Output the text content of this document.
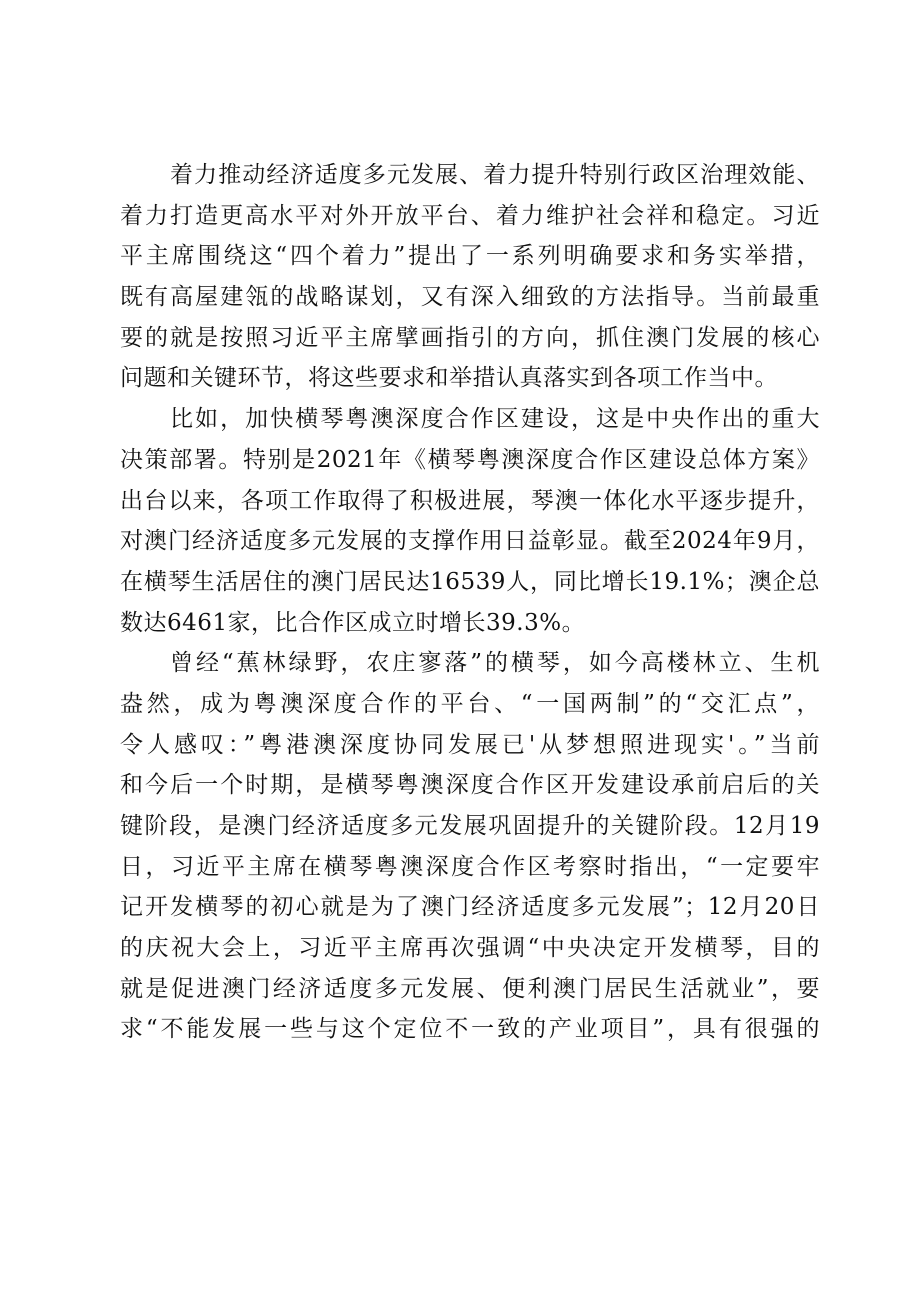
着力推动经济适度多元发展、着力提升特别行政区治理效能、
着力打造更高水平对外开放平台、着力维护社会祥和稳定。习近
平主席围绕这“四个着力”提出了一系列明确要求和务实举措，
既有高屋建瓴的战略谋划，又有深入细致的方法指导。当前最重
要的就是按照习近平主席擘画指引的方向，抓住澳门发展的核心
问题和关键环节，将这些要求和举措认真落实到各项工作当中。
比如，加快横琴粤澳深度合作区建设，这是中央作出的重大
决策部署。特别是2021年《横琴粤澳深度合作区建设总体方案》
出台以来，各项工作取得了积极进展，琴澳一体化水平逐步提升，
对澳门经济适度多元发展的支撑作用日益彰显。截至2024年9月，
在横琴生活居住的澳门居民达16539人，同比增长19.1%；澳企总
数达6461家，比合作区成立时增长39.3%。
曾经“蕉林绿野，农庄寥落”的横琴，如今高楼林立、生机
盎然，成为粤澳深度合作的平台、“一国两制”的“交汇点”，
令人感叹：”粤港澳深度协同发展已'从梦想照进现实'。”当前
和今后一个时期，是横琴粤澳深度合作区开发建设承前启后的关
键阶段，是澳门经济适度多元发展巩固提升的关键阶段。12月19
日，习近平主席在横琴粤澳深度合作区考察时指出，“一定要牢
记开发横琴的初心就是为了澳门经济适度多元发展”；12月20日
的庆祝大会上，习近平主席再次强调“中央决定开发横琴，目的
就是促进澳门经济适度多元发展、便利澳门居民生活就业”，要
求“不能发展一些与这个定位不一致的产业项目”，具有很强的
